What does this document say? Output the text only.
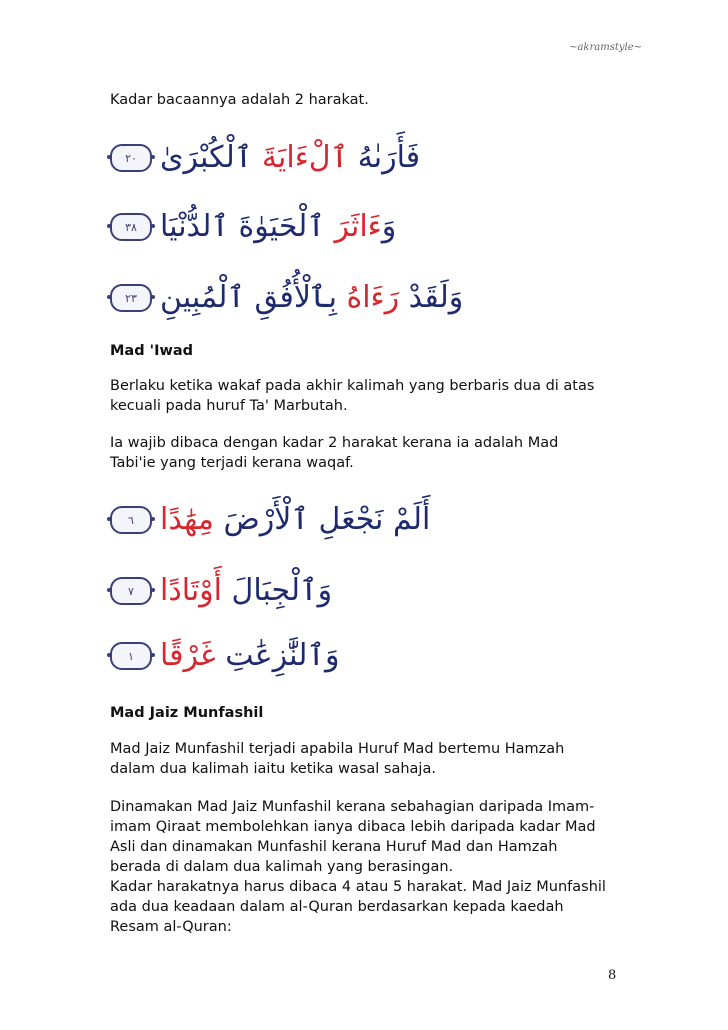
~akramstyle~
Kadar bacaannya adalah 2 harakat.
فَأَرَىٰهُ ٱلْءَايَةَ ٱلْكُبْرَىٰ
٢٠
وَءَاثَرَ ٱلْحَيَوٰةَ ٱلدُّنْيَا
٣٨
وَلَقَدْ رَءَاهُ بِٱلْأُفُقِ ٱلْمُبِينِ
٢٣
Mad 'Iwad
Berlaku ketika wakaf pada akhir kalimah yang berbaris dua di atas
kecuali pada huruf Ta' Marbutah.
Ia wajib dibaca dengan kadar 2 harakat kerana ia adalah Mad
Tabi'ie yang terjadi kerana waqaf.
أَلَمْ نَجْعَلِ ٱلْأَرْضَ مِهَٰدًا
٦
وَٱلْجِبَالَ أَوْتَادًا
٧
وَٱلنَّٰزِعَٰتِ غَرْقًا
١
Mad Jaiz Munfashil
Mad Jaiz Munfashil terjadi apabila Huruf Mad bertemu Hamzah
dalam dua kalimah iaitu ketika wasal sahaja.
Dinamakan Mad Jaiz Munfashil kerana sebahagian daripada Imam-
imam Qiraat membolehkan ianya dibaca lebih daripada kadar Mad
Asli dan dinamakan Munfashil kerana Huruf Mad dan Hamzah
berada di dalam dua kalimah yang berasingan.
Kadar harakatnya harus dibaca 4 atau 5 harakat. Mad Jaiz Munfashil
ada dua keadaan dalam al-Quran berdasarkan kepada kaedah
Resam al-Quran:
8
